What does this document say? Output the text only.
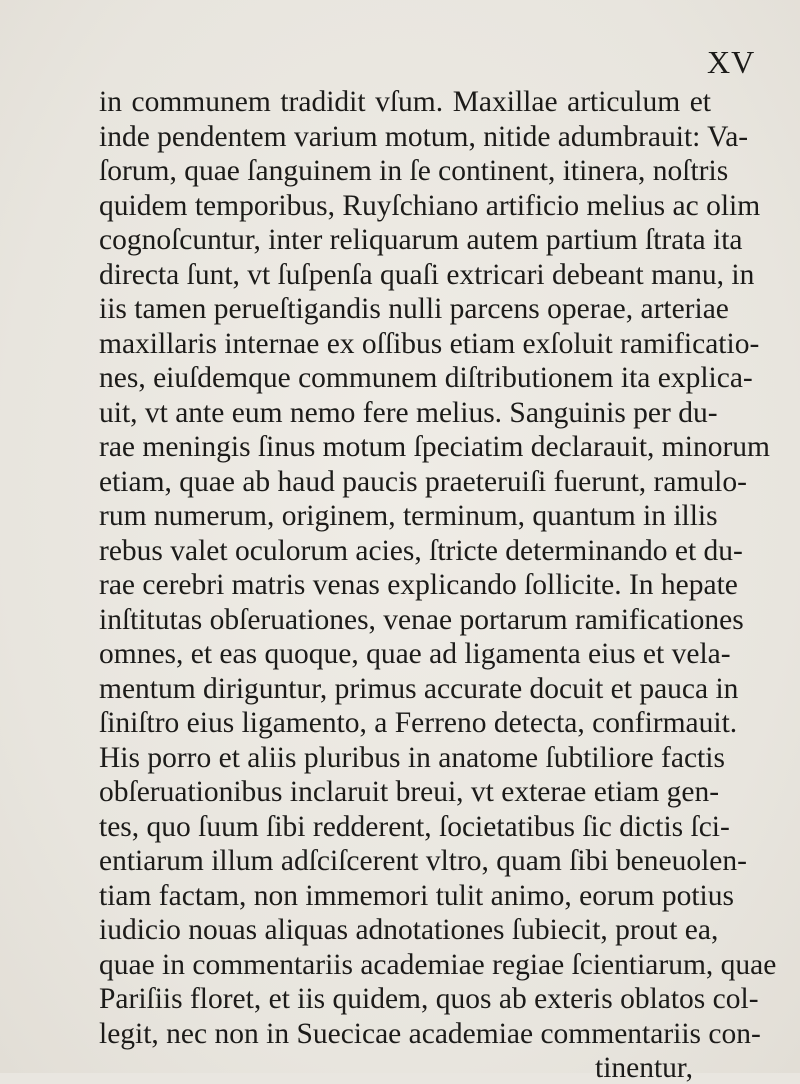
XV
in communem tradidit vſum. Maxillae articulum et
inde pendentem varium motum, nitide adumbrauit: Va-
ſorum, quae ſanguinem in ſe continent, itinera, noſtris
quidem temporibus, Ruyſchiano artificio melius ac olim
cognoſcuntur, inter reliquarum autem partium ſtrata ita
directa ſunt, vt ſuſpenſa quaſi extricari debeant manu, in
iis tamen perueſtigandis nulli parcens operae, arteriae
maxillaris internae ex oſſibus etiam exſoluit ramificatio-
nes, eiuſdemque communem diſtributionem ita explica-
uit, vt ante eum nemo fere melius. Sanguinis per du-
rae meningis ſinus motum ſpeciatim declarauit, minorum
etiam, quae ab haud paucis praeteruiſi fuerunt, ramulo-
rum numerum, originem, terminum, quantum in illis
rebus valet oculorum acies, ſtricte determinando et du-
rae cerebri matris venas explicando ſollicite. In hepate
inſtitutas obſeruationes, venae portarum ramificationes
omnes, et eas quoque, quae ad ligamenta eius et vela-
mentum diriguntur, primus accurate docuit et pauca in
ſiniſtro eius ligamento, a Ferreno detecta, confirmauit.
His porro et aliis pluribus in anatome ſubtiliore factis
obſeruationibus inclaruit breui, vt exterae etiam gen-
tes, quo ſuum ſibi redderent, ſocietatibus ſic dictis ſci-
entiarum illum adſciſcerent vltro, quam ſibi beneuolen-
tiam factam, non immemori tulit animo, eorum potius
iudicio nouas aliquas adnotationes ſubiecit, prout ea,
quae in commentariis academiae regiae ſcientiarum, quae
Pariſiis floret, et iis quidem, quos ab exteris oblatos col-
legit, nec non in Suecicae academiae commentariis con-
tinentur,
